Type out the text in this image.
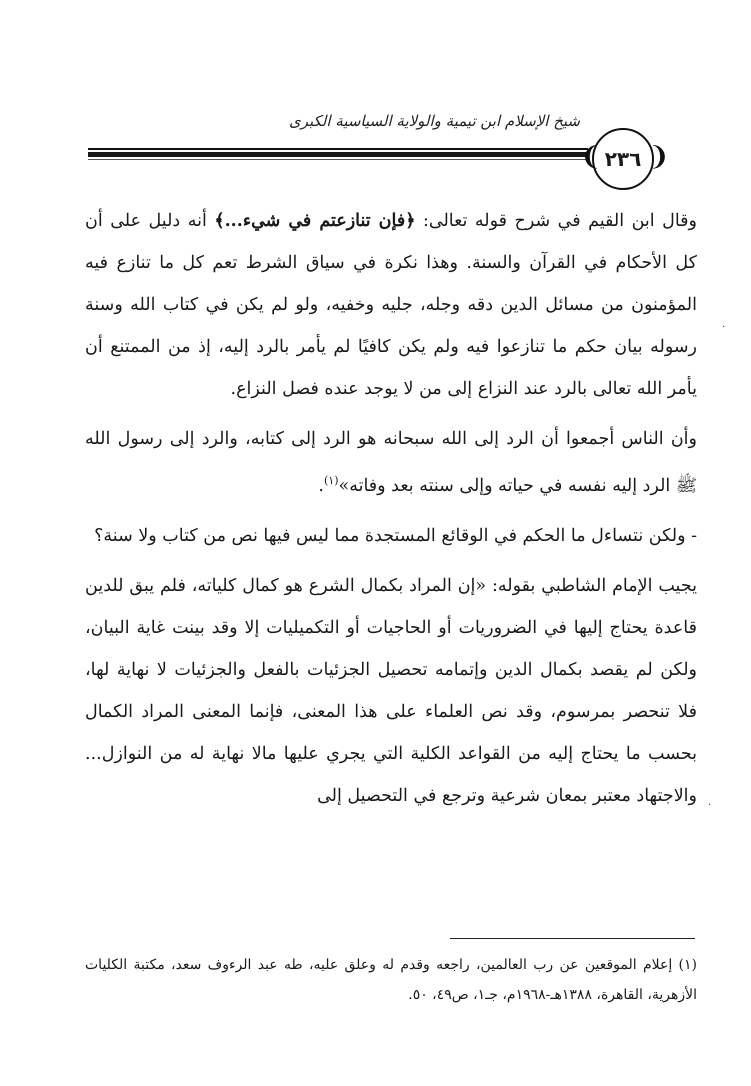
شيخ الإسلام ابن تيمية والولاية السياسية الكبرى
❨ ٢٣٦ ❩

وقال ابن القيم في شرح قوله تعالى: ﴿فإن تنازعتم في شيء...﴾ أنه دليل على أن كل الأحكام في القرآن والسنة. وهذا نكرة في سياق الشرط تعم كل ما تنازع فيه المؤمنون من مسائل الدين دقه وجله، جليه وخفيه، ولو لم يكن في كتاب الله وسنة رسوله بيان حكم ما تنازعوا فيه ولم يكن كافيًا لم يأمر بالرد إليه، إذ من الممتنع أن يأمر الله تعالى بالرد عند النزاع إلى من لا يوجد عنده فصل النزاع.

وأن الناس أجمعوا أن الرد إلى الله سبحانه هو الرد إلى كتابه، والرد إلى رسول الله ﷺ الرد إليه نفسه في حياته وإلى سنته بعد وفاته»$^{(١)}$.

- ولكن نتساءل ما الحكم في الوقائع المستجدة مما ليس فيها نص من كتاب ولا سنة؟

يجيب الإمام الشاطبي بقوله: «إن المراد بكمال الشرع هو كمال كلياته، فلم يبق للدين قاعدة يحتاج إليها في الضروريات أو الحاجيات أو التكميليات إلا وقد بينت غاية البيان، ولكن لم يقصد بكمال الدين وإتمامه تحصيل الجزئيات بالفعل والجزئيات لا نهاية لها، فلا تنحصر بمرسوم، وقد نص العلماء على هذا المعنى، فإنما المعنى المراد الكمال بحسب ما يحتاج إليه من القواعد الكلية التي يجري عليها مالا نهاية له من النوازل... والاجتهاد معتبر بمعان شرعية وترجع في التحصيل إلى

(١) إعلام الموقعين عن رب العالمين، راجعه وقدم له وعلق عليه، طه عبد الرءوف سعد، مكتبة الكليات الأزهرية، القاهرة، ١٣٨٨هـ-١٩٦٨م، جـ١، ص٤٩، ٥٠.

·
·
